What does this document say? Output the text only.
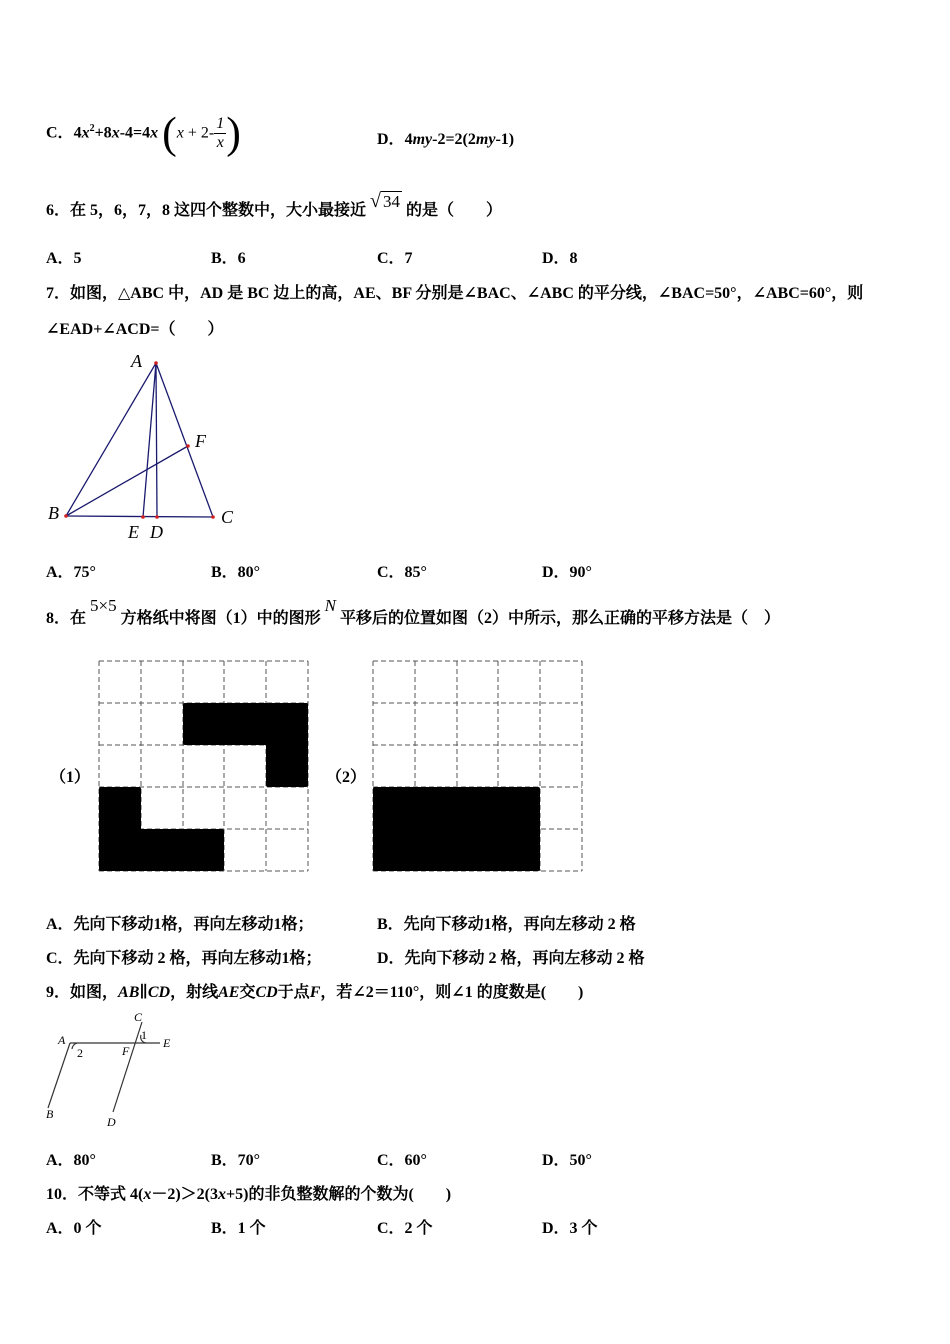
C．$4x^2+8x-4=4x$ ($x + 2- \frac{1}{x}$ )	D．4my-2=2(2my-1)
6．在 5，6，7，8 这四个整数中，大小最接近 √ 34 的是（　　）
A．5	B．6	C．7	D．8
7．如图，△ABC 中，AD 是 BC 边上的高，AE、BF 分别是∠BAC、∠ABC 的平分线，∠BAC=50°，∠ABC=60°，则
∠EAD+∠ACD=（　　）
A
B	C
D
E
F
A．75°	B．80°	C．85°	D．90°
8．在 5×5 方格纸中将图（1）中的图形 N 平移后的位置如图（2）中所示，那么正确的平移方法是（　）
（1）	（2）
A．先向下移动1格，再向左移动1格；	B．先向下移动1格，再向左移动 2 格
C．先向下移动 2 格，再向左移动1格；	D．先向下移动 2 格，再向左移动 2 格
9．如图，AB∥CD，射线AE交CD于点F，若∠2＝110°，则∠1 的度数是(　　)
A
B
C
D
E
F
1
2
A．80°	B．70°	C．60°	D．50°
10．不等式 4(x－2)＞2(3x+5)的非负整数解的个数为(　　)
A．0 个	B．1 个	C．2 个	D．3 个
